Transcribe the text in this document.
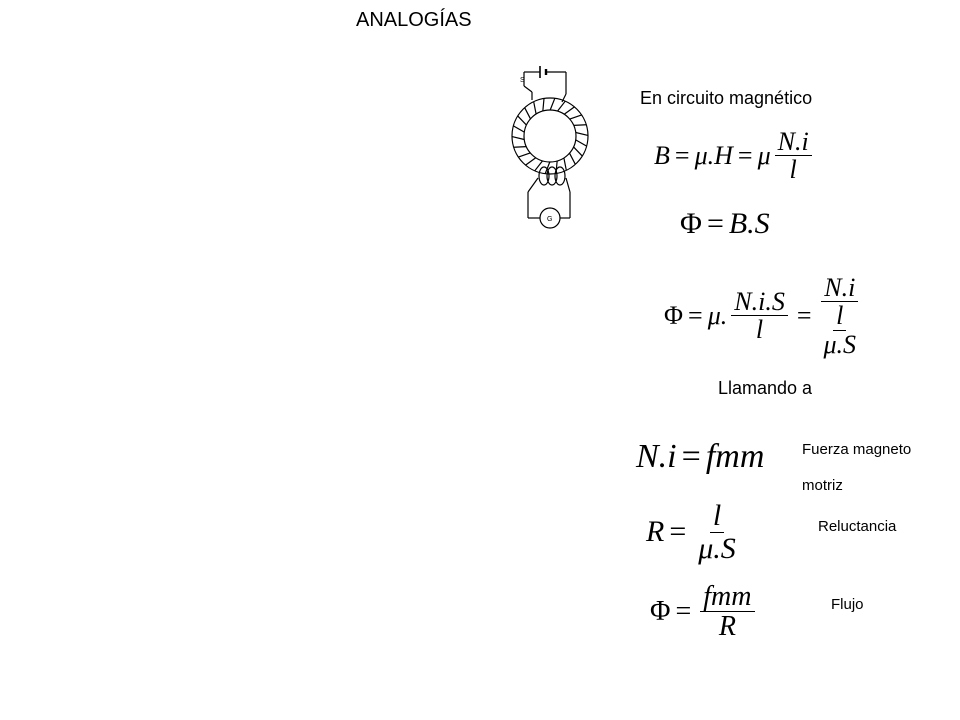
ANALOGÍAS
S
G
En circuito magnético
B = μ.H = μ $\frac{N.i}{l}$
Φ = B.S
Φ = μ. $\frac{N.i.S}{l} = \frac{N.i}{\frac{l}{\mu.S}}$
Llamando a
N.i = fmm	Fuerza magneto motriz
$R = \frac{l}{\mu.S}$	Reluctancia
$\Phi = \frac{\text{fmm}}{R}$	Flujo
